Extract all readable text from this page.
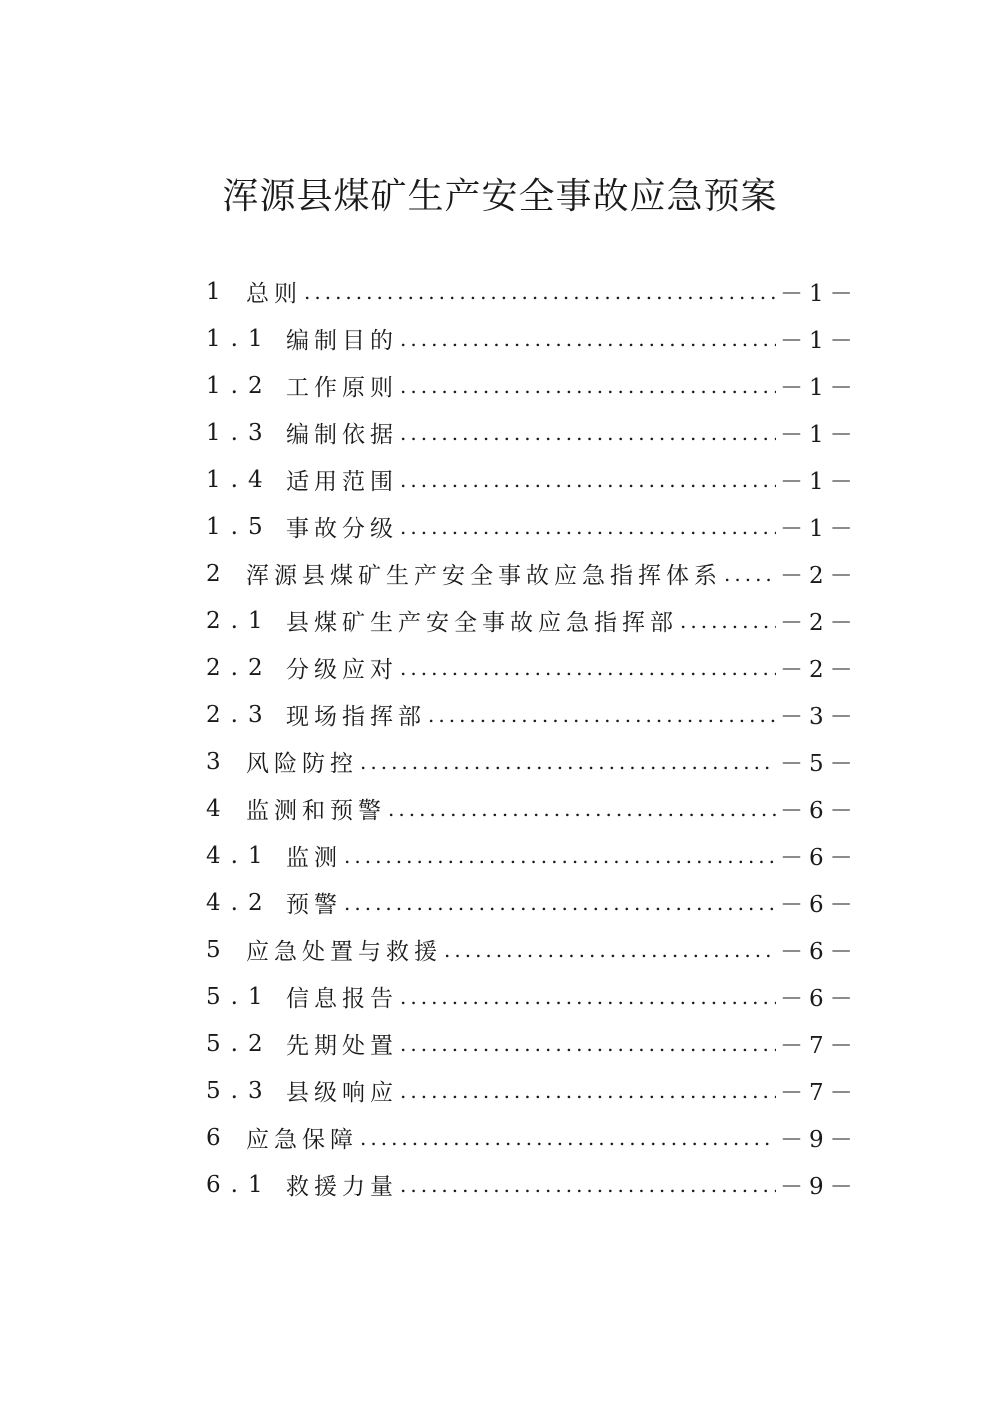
浑源县煤矿生产安全事故应急预案
1 总则 .....	－1－
1.1 编制目的 .....	－1－
1.2 工作原则 .....	－1－
1.3 编制依据 .....	－1－
1.4 适用范围 .....	－1－
1.5 事故分级 .....	－1－
2 浑源县煤矿生产安全事故应急指挥体系 .....	－2－
2.1 县煤矿生产安全事故应急指挥部 .....	－2－
2.2 分级应对 .....	－2－
2.3 现场指挥部 .....	－3－
3 风险防控 .....	－5－
4 监测和预警 .....	－6－
4.1 监测 .....	－6－
4.2 预警 .....	－6－
5 应急处置与救援 .....	－6－
5.1 信息报告 .....	－6－
5.2 先期处置 .....	－7－
5.3 县级响应 .....	－7－
6 应急保障 .....	－9－
6.1 救援力量 .....	－9－
